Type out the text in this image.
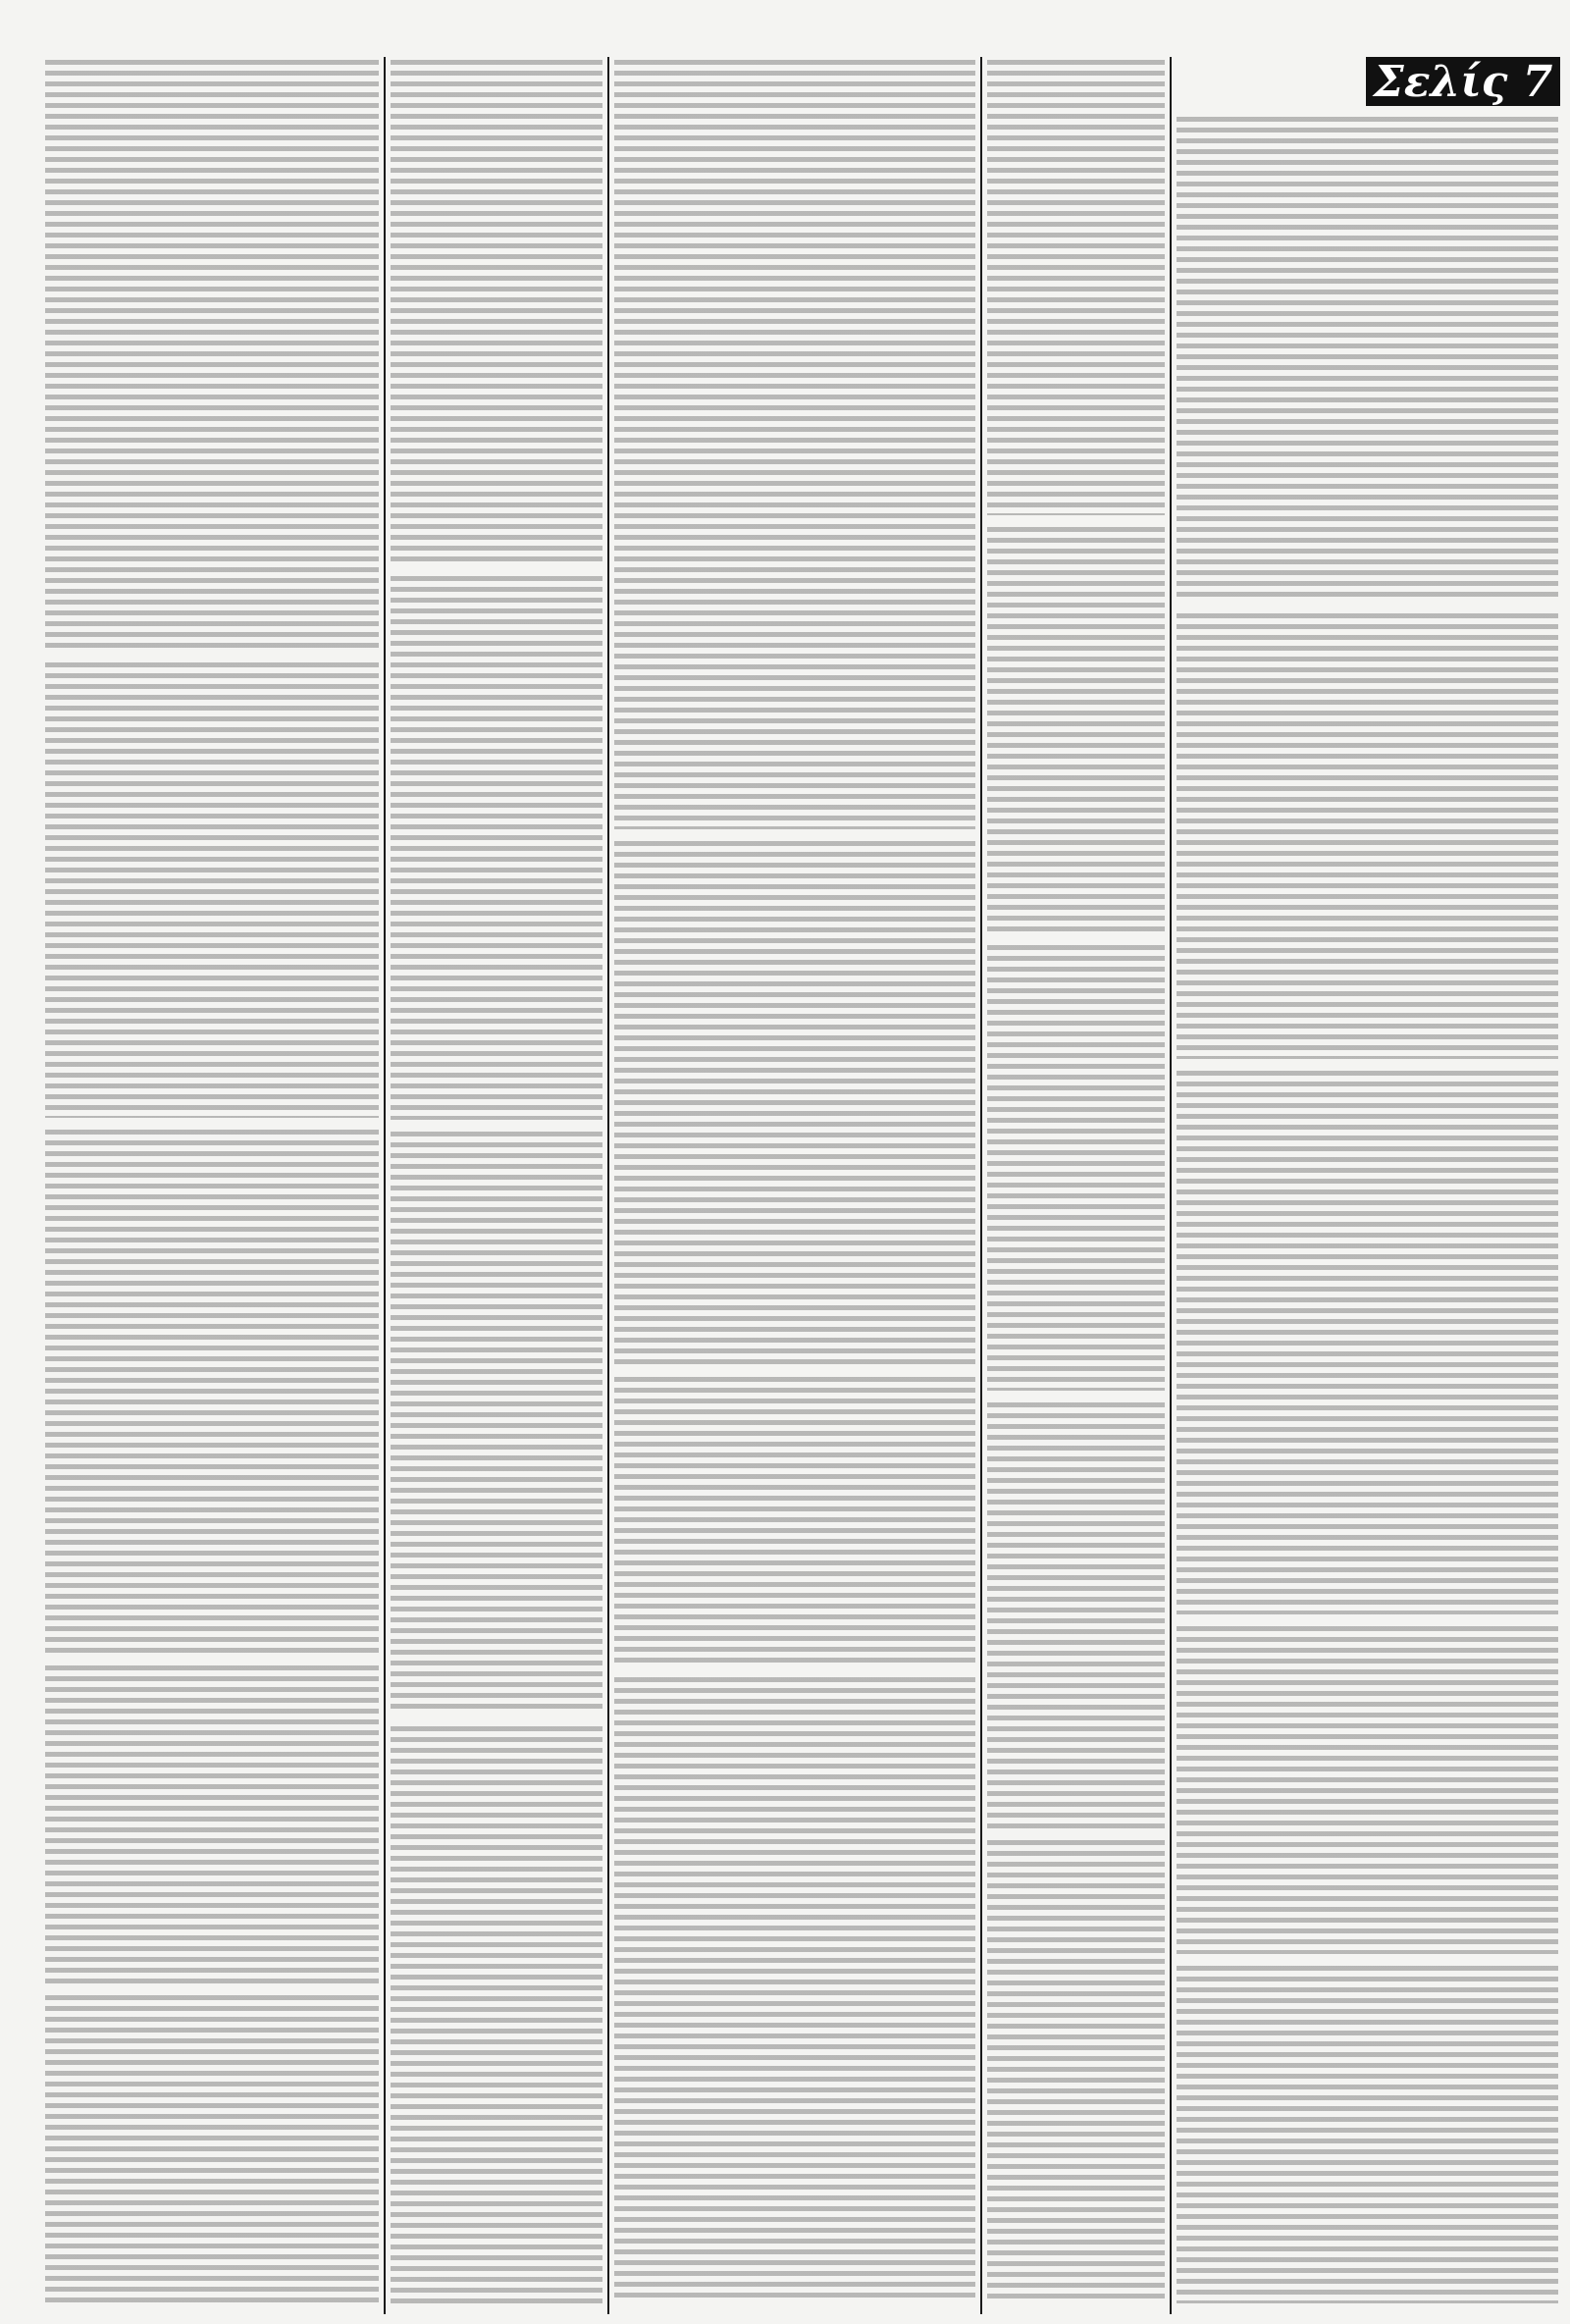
Σελίς 7
